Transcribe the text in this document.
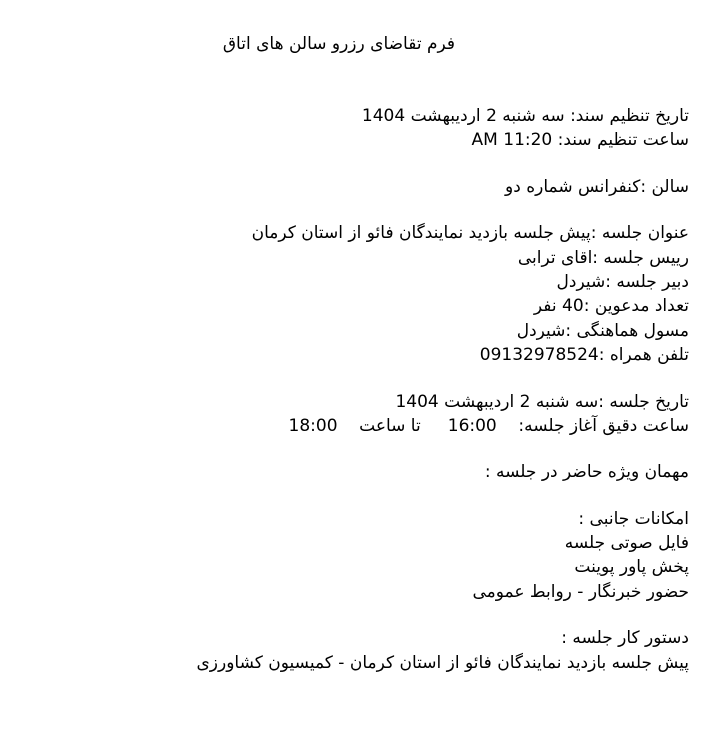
فرم تقاضای رزرو سالن های اتاق
تاریخ تنظیم سند: سه شنبه 2 اردیبهشت 1404
ساعت تنظیم سند: 11:20 AM
سالن :کنفرانس شماره دو
عنوان جلسه :پیش جلسه بازدید نمایندگان فائو از استان کرمان
رییس جلسه :اقای ترابی
دبیر جلسه :شیردل
تعداد مدعوین :40 نفر
مسول هماهنگی :شیردل
تلفن همراه :09132978524
تاریخ جلسه :سه شنبه 2 اردیبهشت 1404
ساعت دقیق آغاز جلسه:    16:00     تا ساعت    18:00
مهمان ویژه حاضر در جلسه :
امکانات جانبی :
فایل صوتی جلسه
پخش پاور پوینت
حضور خبرنگار - روابط عمومی
دستور کار جلسه :
پیش جلسه بازدید نمایندگان فائو از استان کرمان - کمیسیون کشاورزی
